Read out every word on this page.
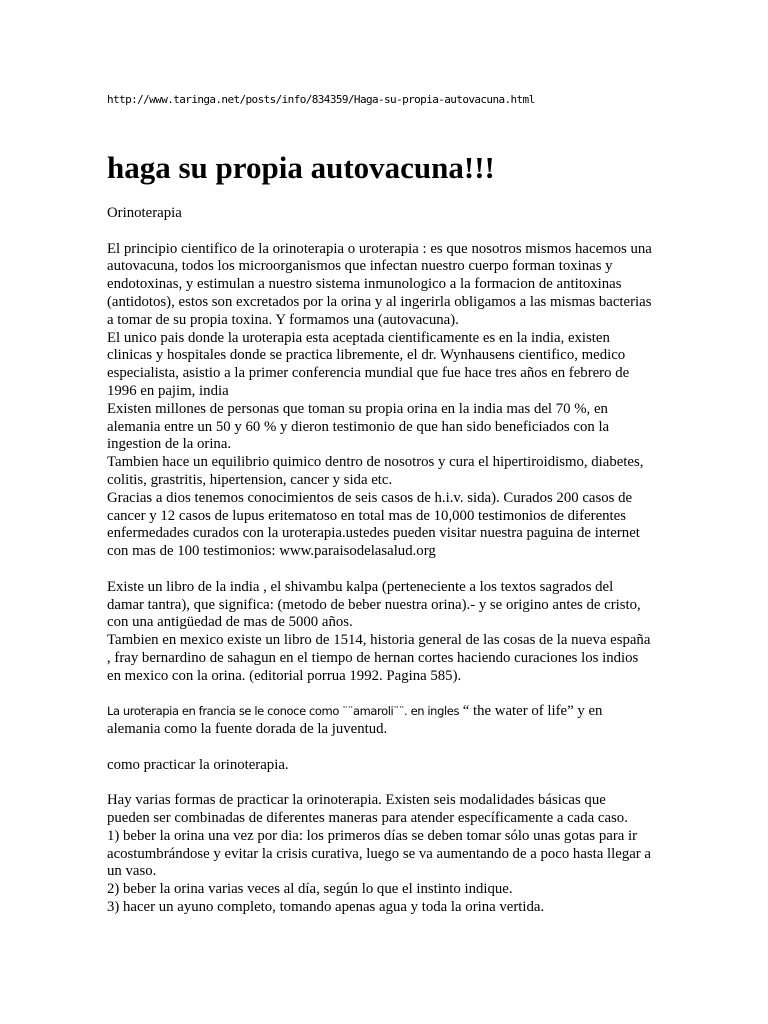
http://www.taringa.net/posts/info/834359/Haga-su-propia-autovacuna.html
haga su propia autovacuna!!!

Orinoterapia

El principio cientifico de la orinoterapia o uroterapia : es que nosotros mismos hacemos una
autovacuna, todos los microorganismos que infectan nuestro cuerpo forman toxinas y
endotoxinas, y estimulan a nuestro sistema inmunologico a la formacion de antitoxinas
(antidotos), estos son excretados por la orina y al ingerirla obligamos a las mismas bacterias
a tomar de su propia toxina. Y formamos una (autovacuna).
El unico pais donde la uroterapia esta aceptada cientificamente es en la india, existen
clinicas y hospitales donde se practica libremente, el dr. Wynhausens cientifico, medico
especialista, asistio a la primer conferencia mundial que fue hace tres años en febrero de
1996 en pajim, india
Existen millones de personas que toman su propia orina en la india mas del 70 %, en
alemania entre un 50 y 60 % y dieron testimonio de que han sido beneficiados con la
ingestion de la orina.
Tambien hace un equilibrio quimico dentro de nosotros y cura el hipertiroidismo, diabetes,
colitis, grastritis, hipertension, cancer y sida etc.
Gracias a dios tenemos conocimientos de seis casos de h.i.v. sida). Curados 200 casos de
cancer y 12 casos de lupus eritematoso en total mas de 10,000 testimonios de diferentes
enfermedades curados con la uroterapia.ustedes pueden visitar nuestra paguina de internet
con mas de 100 testimonios: www.paraisodelasalud.org

Existe un libro de la india , el shivambu kalpa (perteneciente a los textos sagrados del
damar tantra), que significa: (metodo de beber nuestra orina).- y se origino antes de cristo,
con una antigüedad de mas de 5000 años.
Tambien en mexico existe un libro de 1514, historia general de las cosas de la nueva españa
, fray bernardino de sahagun en el tiempo de hernan cortes haciendo curaciones los indios
en mexico con la orina. (editorial porrua 1992. Pagina 585).

La uroterapia en francia se le conoce como ¨¨amaroli¨¨. en ingles “ the water of life” y en
alemania como la fuente dorada de la juventud.

como practicar la orinoterapia.

Hay varias formas de practicar la orinoterapia. Existen seis modalidades básicas que
pueden ser combinadas de diferentes maneras para atender específicamente a cada caso.
1) beber la orina una vez por dia: los primeros días se deben tomar sólo unas gotas para ir
acostumbrándose y evitar la crisis curativa, luego se va aumentando de a poco hasta llegar a
un vaso.
2) beber la orina varias veces al día, según lo que el instinto indique.
3) hacer un ayuno completo, tomando apenas agua y toda la orina vertida.
